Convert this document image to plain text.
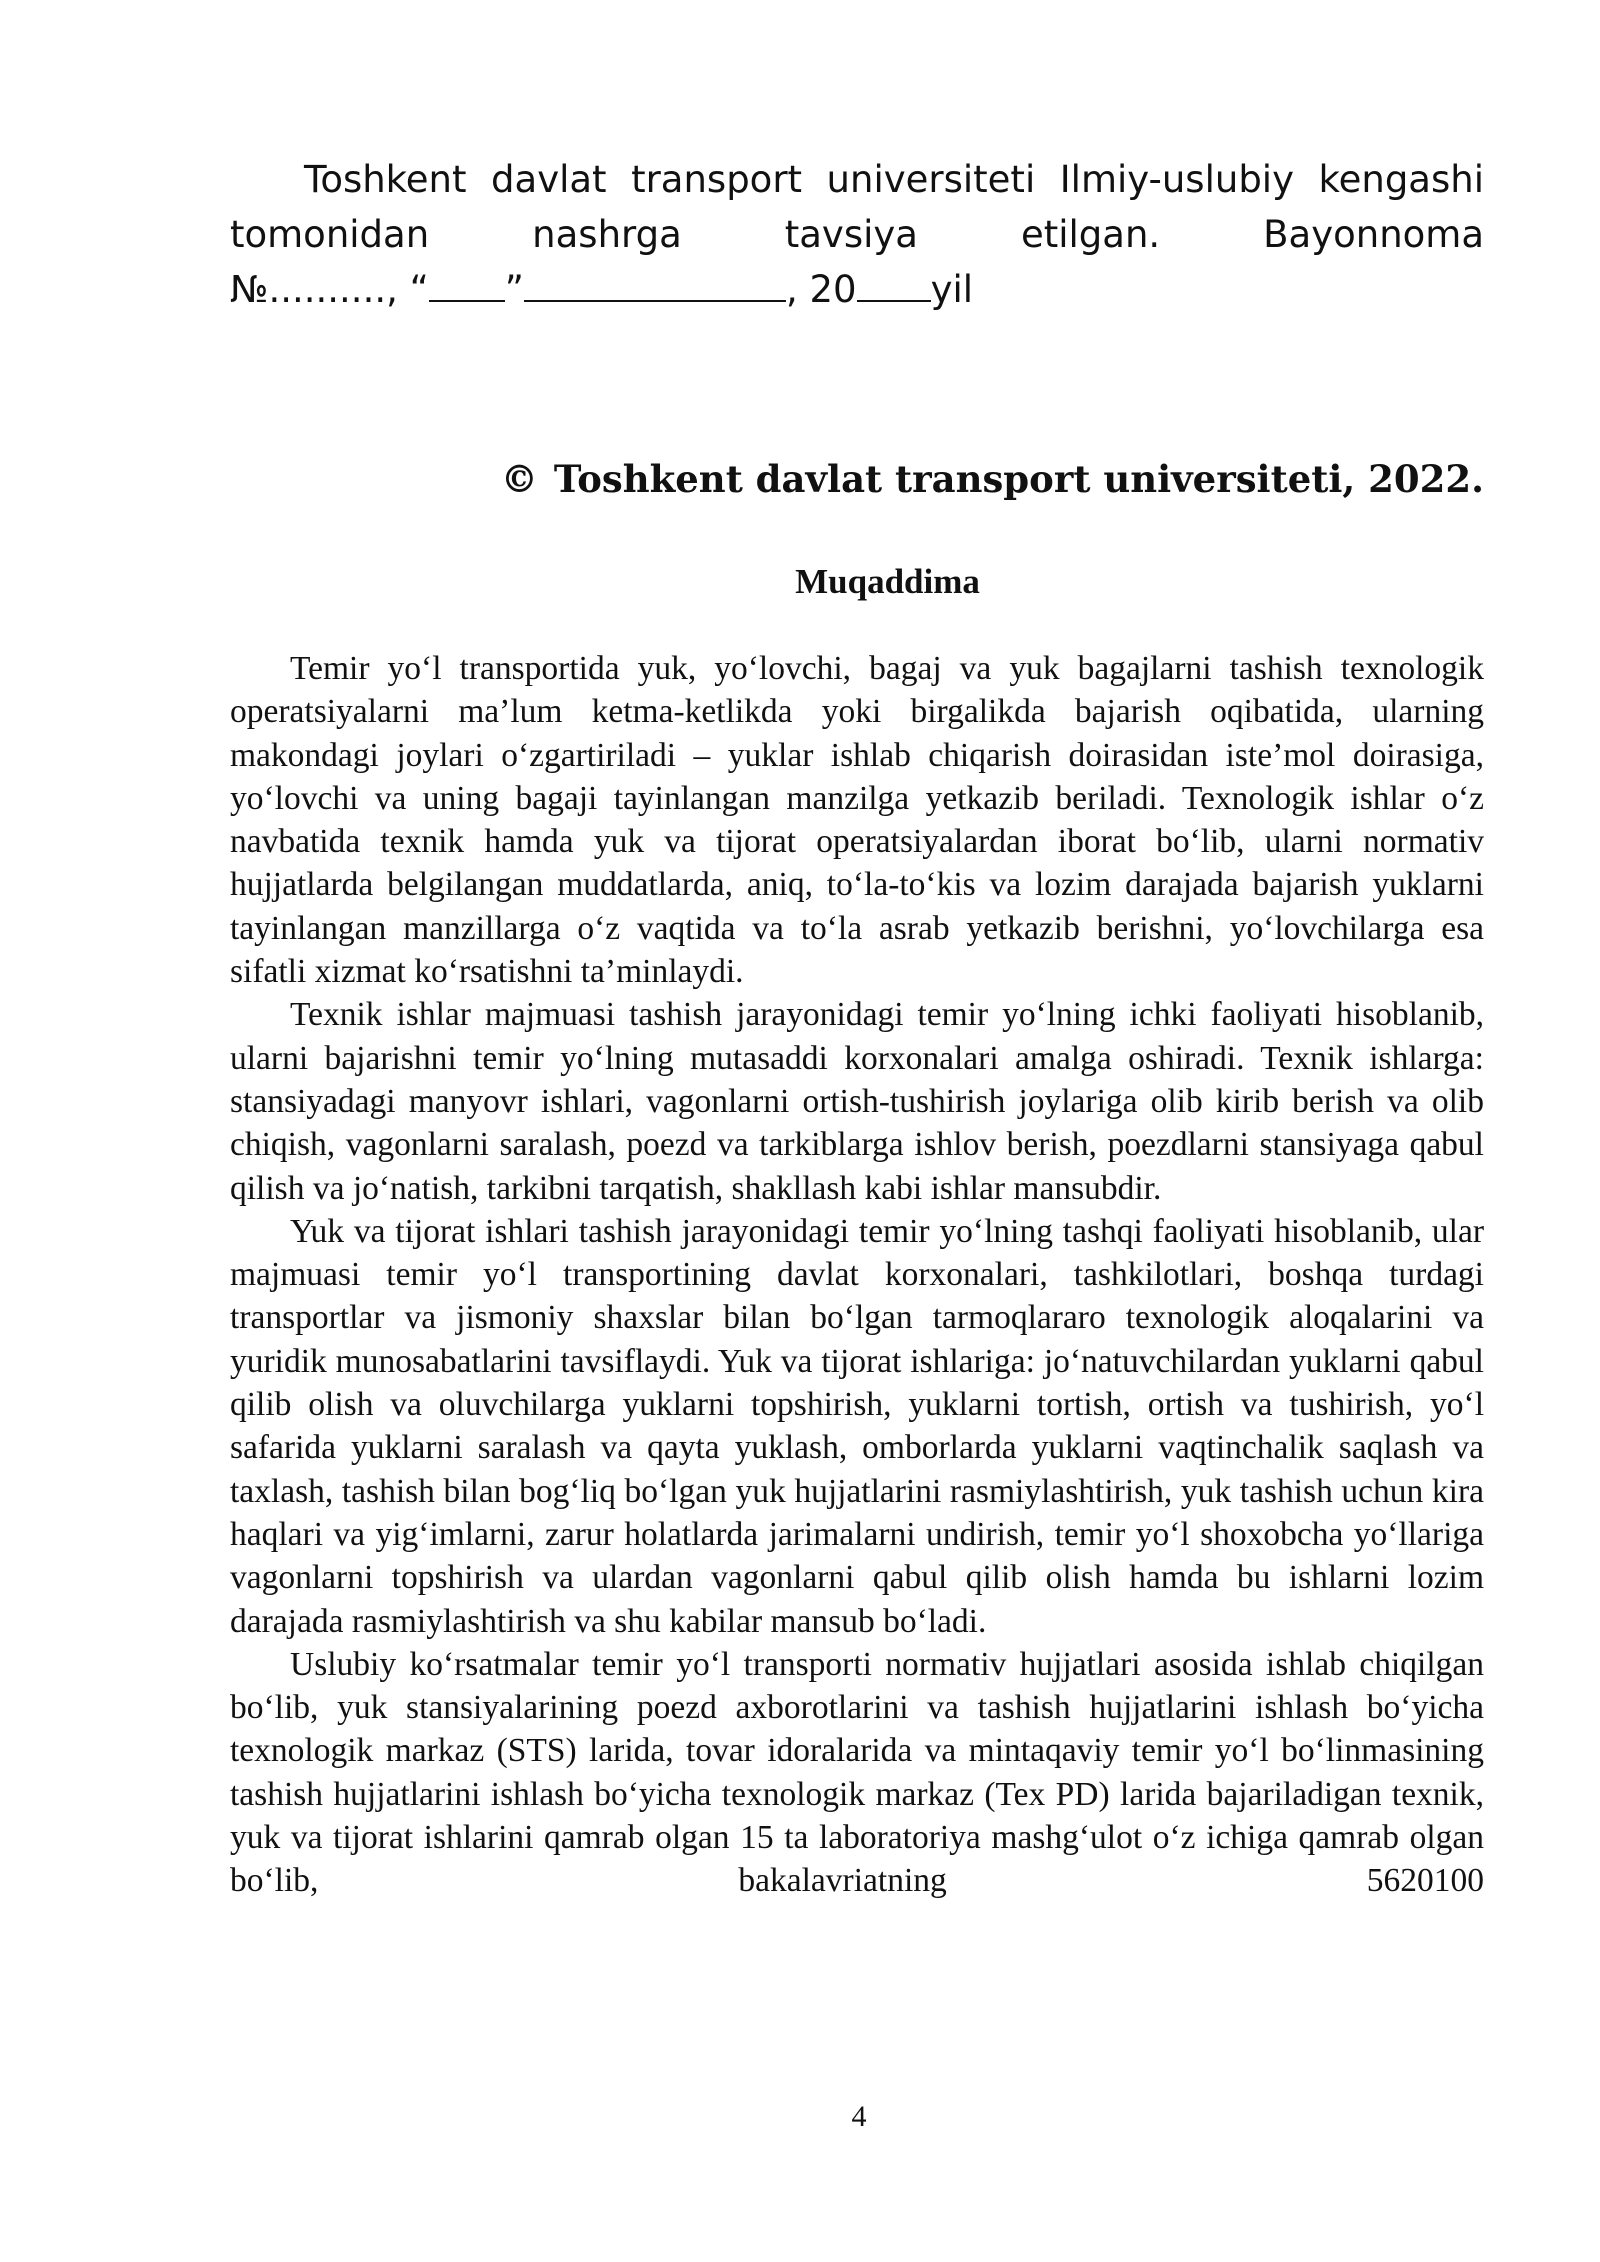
Toshkent davlat transport universiteti Ilmiy-uslubiy kengashi tomonidan nashrga tavsiya etilgan. Bayonnoma №.........., “ ”	, 20 yil
© Toshkent davlat transport universiteti, 2022.
Muqaddima

Temir yo‘l transportida yuk, yo‘lovchi, bagaj va yuk bagajlarni tashish texnologik operatsiyalarni ma’lum ketma-ketlikda yoki birgalikda bajarish oqibatida, ularning makondagi joylari o‘zgartiriladi – yuklar ishlab chiqarish doirasidan iste’mol doirasiga, yo‘lovchi va uning bagaji tayinlangan manzilga yetkazib beriladi. Texnologik ishlar o‘z navbatida texnik hamda yuk va tijorat operatsiyalardan iborat bo‘lib, ularni normativ hujjatlarda belgilangan muddatlarda, aniq, to‘la-to‘kis va lozim darajada bajarish yuklarni tayinlangan manzillarga o‘z vaqtida va to‘la asrab yetkazib berishni, yo‘lovchilarga esa sifatli xizmat ko‘rsatishni ta’minlaydi.

Texnik ishlar majmuasi tashish jarayonidagi temir yo‘lning ichki faoliyati hisoblanib, ularni bajarishni temir yo‘lning mutasaddi korxonalari amalga oshiradi. Texnik ishlarga: stansiyadagi manyovr ishlari, vagonlarni ortish-tushirish joylariga olib kirib berish va olib chiqish, vagonlarni saralash, poezd va tarkiblarga ishlov berish, poezdlarni stansiyaga qabul qilish va jo‘natish, tarkibni tarqatish, shakllash kabi ishlar mansubdir.

Yuk va tijorat ishlari tashish jarayonidagi temir yo‘lning tashqi faoliyati hisoblanib, ular majmuasi temir yo‘l transportining davlat korxonalari, tashkilotlari, boshqa turdagi transportlar va jismoniy shaxslar bilan bo‘lgan tarmoqlararo texnologik aloqalarini va yuridik munosabatlarini tavsiflaydi. Yuk va tijorat ishlariga: jo‘natuvchilardan yuklarni qabul qilib olish va oluvchilarga yuklarni topshirish, yuklarni tortish, ortish va tushirish, yo‘l safarida yuklarni saralash va qayta yuklash, omborlarda yuklarni vaqtinchalik saqlash va taxlash, tashish bilan bog‘liq bo‘lgan yuk hujjatlarini rasmiylashtirish, yuk tashish uchun kira haqlari va yig‘imlarni, zarur holatlarda jarimalarni undirish, temir yo‘l shoxobcha yo‘llariga vagonlarni topshirish va ulardan vagonlarni qabul qilib olish hamda bu ishlarni lozim darajada rasmiylashtirish va shu kabilar mansub bo‘ladi.

Uslubiy ko‘rsatmalar temir yo‘l transporti normativ hujjatlari asosida ishlab chiqilgan bo‘lib, yuk stansiyalarining poezd axborotlarini va tashish hujjatlarini ishlash bo‘yicha texnologik markaz (STS) larida, tovar idoralarida va mintaqaviy temir yo‘l bo‘linmasining tashish hujjatlarini ishlash bo‘yicha texnologik markaz (Tex PD) larida bajariladigan texnik, yuk va tijorat ishlarini qamrab olgan 15 ta laboratoriya mashg‘ulot o‘z ichiga qamrab olgan bo‘lib, bakalavriatning 5620100

4
